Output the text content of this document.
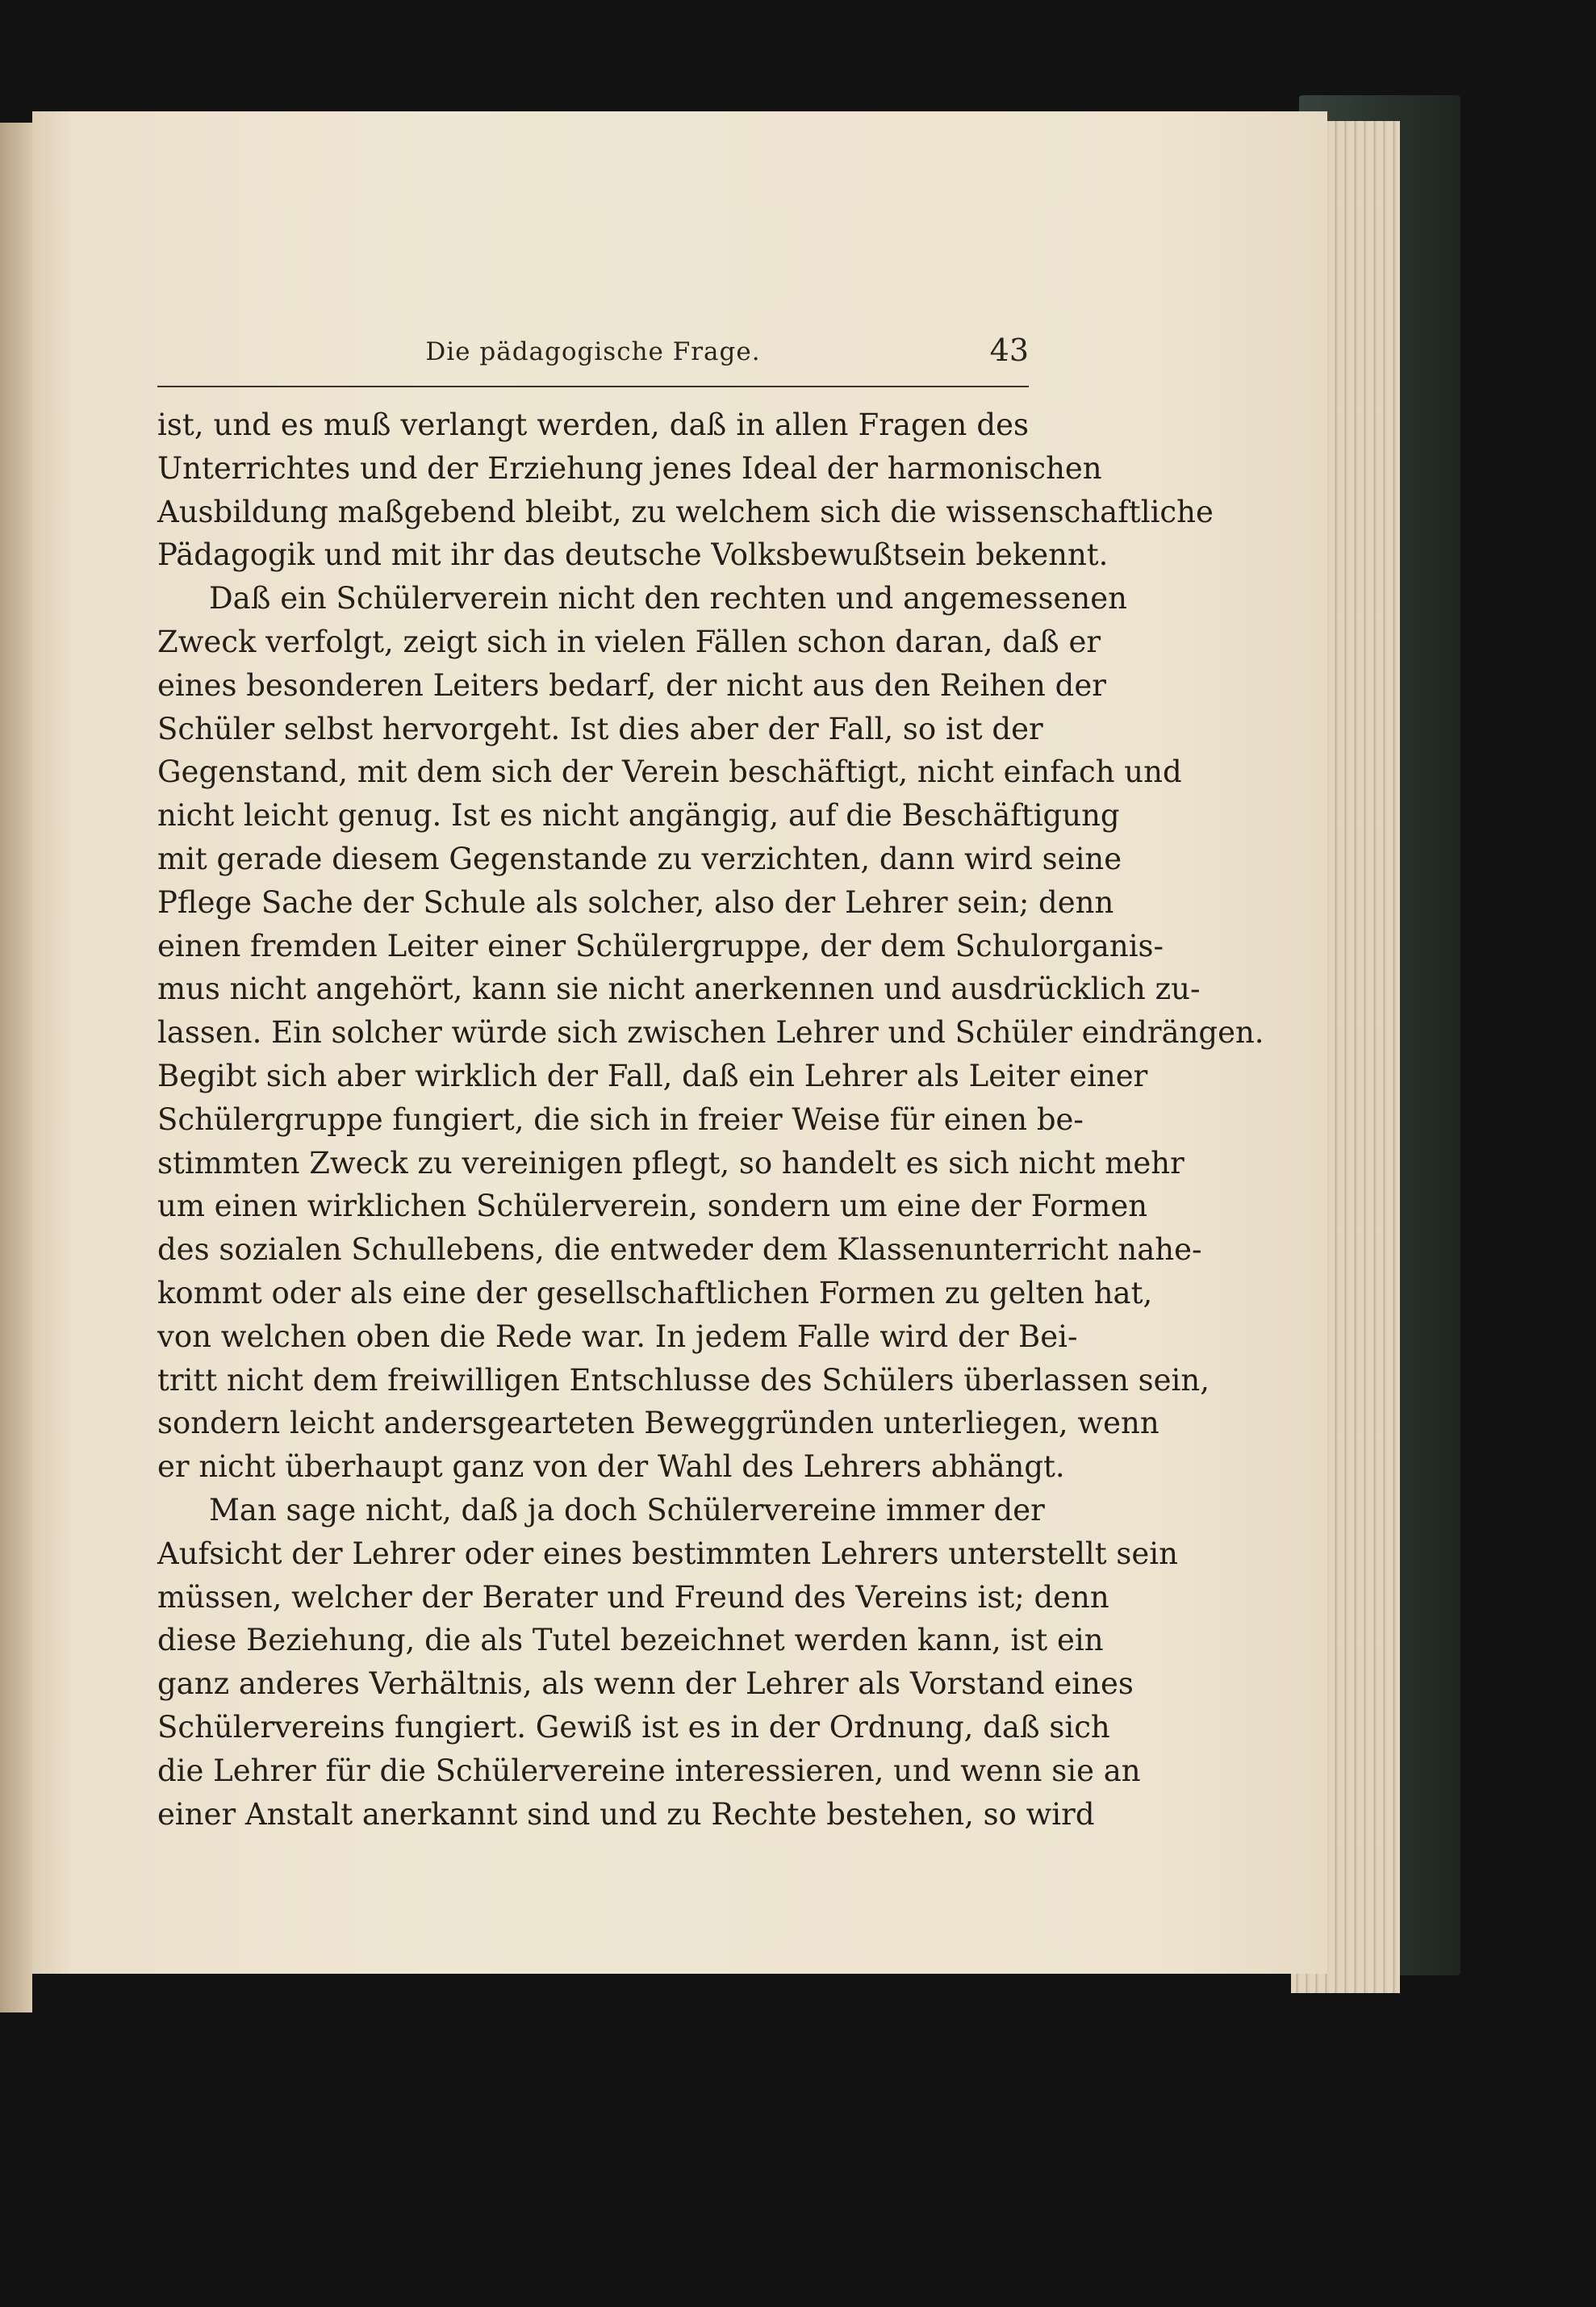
Die pädagogische Frage.	43
ist, und es muß verlangt werden, daß in allen Fragen des
Unterrichtes und der Erziehung jenes Ideal der harmonischen
Ausbildung maßgebend bleibt, zu welchem sich die wissenschaftliche
Pädagogik und mit ihr das deutsche Volksbewußtsein bekennt.
Daß ein Schülerverein nicht den rechten und angemessenen
Zweck verfolgt, zeigt sich in vielen Fällen schon daran, daß er
eines besonderen Leiters bedarf, der nicht aus den Reihen der
Schüler selbst hervorgeht. Ist dies aber der Fall, so ist der
Gegenstand, mit dem sich der Verein beschäftigt, nicht einfach und
nicht leicht genug. Ist es nicht angängig, auf die Beschäftigung
mit gerade diesem Gegenstande zu verzichten, dann wird seine
Pflege Sache der Schule als solcher, also der Lehrer sein; denn
einen fremden Leiter einer Schülergruppe, der dem Schulorganis-
mus nicht angehört, kann sie nicht anerkennen und ausdrücklich zu-
lassen. Ein solcher würde sich zwischen Lehrer und Schüler eindrängen.
Begibt sich aber wirklich der Fall, daß ein Lehrer als Leiter einer
Schülergruppe fungiert, die sich in freier Weise für einen be-
stimmten Zweck zu vereinigen pflegt, so handelt es sich nicht mehr
um einen wirklichen Schülerverein, sondern um eine der Formen
des sozialen Schullebens, die entweder dem Klassenunterricht nahe-
kommt oder als eine der gesellschaftlichen Formen zu gelten hat,
von welchen oben die Rede war. In jedem Falle wird der Bei-
tritt nicht dem freiwilligen Entschlusse des Schülers überlassen sein,
sondern leicht andersgearteten Beweggründen unterliegen, wenn
er nicht überhaupt ganz von der Wahl des Lehrers abhängt.
Man sage nicht, daß ja doch Schülervereine immer der
Aufsicht der Lehrer oder eines bestimmten Lehrers unterstellt sein
müssen, welcher der Berater und Freund des Vereins ist; denn
diese Beziehung, die als Tutel bezeichnet werden kann, ist ein
ganz anderes Verhältnis, als wenn der Lehrer als Vorstand eines
Schülervereins fungiert. Gewiß ist es in der Ordnung, daß sich
die Lehrer für die Schülervereine interessieren, und wenn sie an
einer Anstalt anerkannt sind und zu Rechte bestehen, so wird
